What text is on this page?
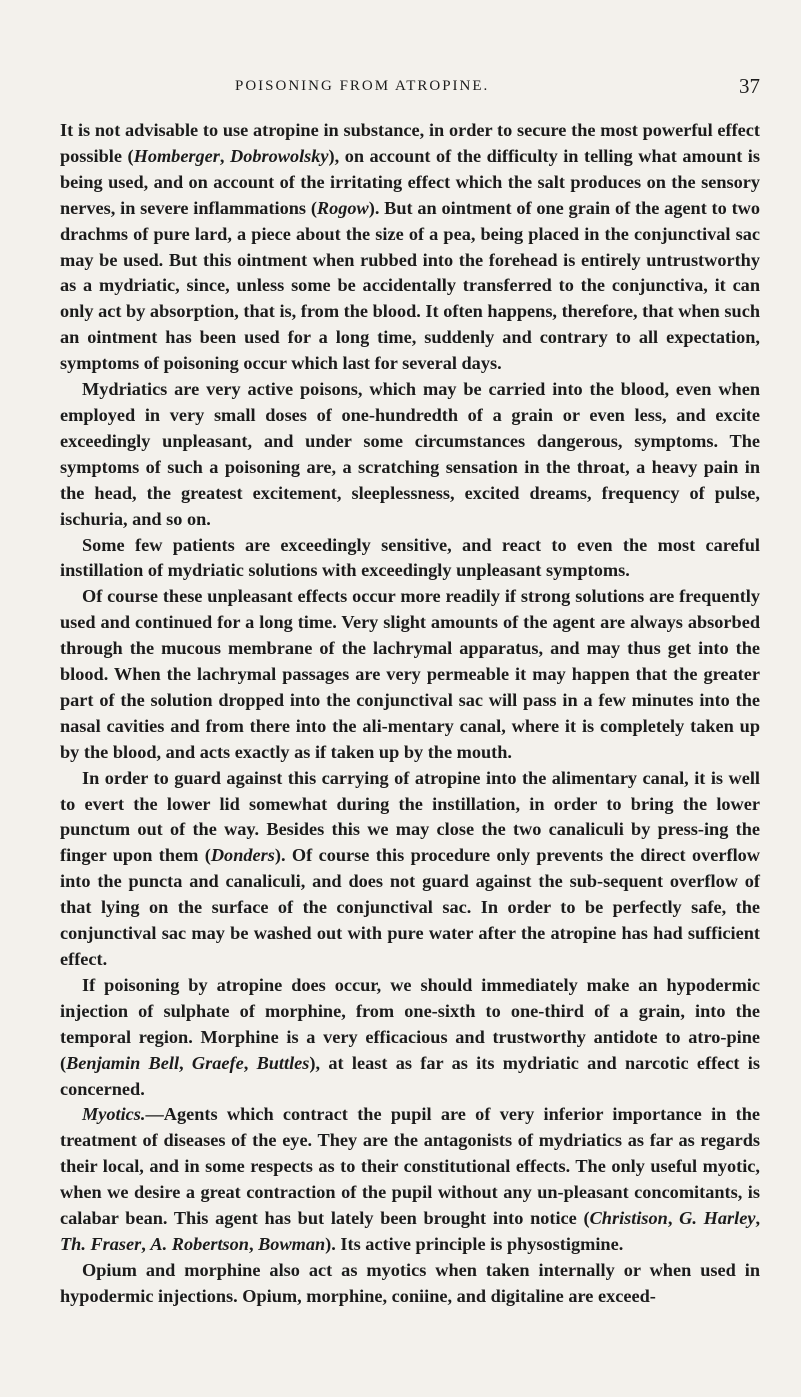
POISONING FROM ATROPINE.	37

It is not advisable to use atropine in substance, in order to secure the most powerful effect possible (Homberger, Dobrowolsky), on account of the difficulty in telling what amount is being used, and on account of the irritating effect which the salt produces on the sensory nerves, in severe inflammations (Rogow). But an ointment of one grain of the agent to two drachms of pure lard, a piece about the size of a pea, being placed in the conjunctival sac may be used. But this ointment when rubbed into the forehead is entirely untrustworthy as a mydriatic, since, unless some be accidentally transferred to the conjunctiva, it can only act by absorption, that is, from the blood. It often happens, therefore, that when such an ointment has been used for a long time, suddenly and contrary to all expectation, symptoms of poisoning occur which last for several days.

Mydriatics are very active poisons, which may be carried into the blood, even when employed in very small doses of one-hundredth of a grain or even less, and excite exceedingly unpleasant, and under some circumstances dangerous, symptoms. The symptoms of such a poisoning are, a scratching sensation in the throat, a heavy pain in the head, the greatest excitement, sleeplessness, excited dreams, frequency of pulse, ischuria, and so on.

Some few patients are exceedingly sensitive, and react to even the most careful instillation of mydriatic solutions with exceedingly unpleasant symptoms.

Of course these unpleasant effects occur more readily if strong solutions are frequently used and continued for a long time. Very slight amounts of the agent are always absorbed through the mucous membrane of the lachrymal apparatus, and may thus get into the blood. When the lachrymal passages are very permeable it may happen that the greater part of the solution dropped into the conjunctival sac will pass in a few minutes into the nasal cavities and from there into the ali-mentary canal, where it is completely taken up by the blood, and acts exactly as if taken up by the mouth.

In order to guard against this carrying of atropine into the alimentary canal, it is well to evert the lower lid somewhat during the instillation, in order to bring the lower punctum out of the way. Besides this we may close the two canaliculi by press-ing the finger upon them (Donders). Of course this procedure only prevents the direct overflow into the puncta and canaliculi, and does not guard against the sub-sequent overflow of that lying on the surface of the conjunctival sac. In order to be perfectly safe, the conjunctival sac may be washed out with pure water after the atropine has had sufficient effect.

If poisoning by atropine does occur, we should immediately make an hypodermic injection of sulphate of morphine, from one-sixth to one-third of a grain, into the temporal region. Morphine is a very efficacious and trustworthy antidote to atro-pine (Benjamin Bell, Graefe, Buttles), at least as far as its mydriatic and narcotic effect is concerned.

Myotics.—Agents which contract the pupil are of very inferior importance in the treatment of diseases of the eye. They are the antagonists of mydriatics as far as regards their local, and in some respects as to their constitutional effects. The only useful myotic, when we desire a great contraction of the pupil without any un-pleasant concomitants, is calabar bean. This agent has but lately been brought into notice (Christison, G. Harley, Th. Fraser, A. Robertson, Bowman). Its active principle is physostigmine.

Opium and morphine also act as myotics when taken internally or when used in hypodermic injections. Opium, morphine, coniine, and digitaline are exceed-
